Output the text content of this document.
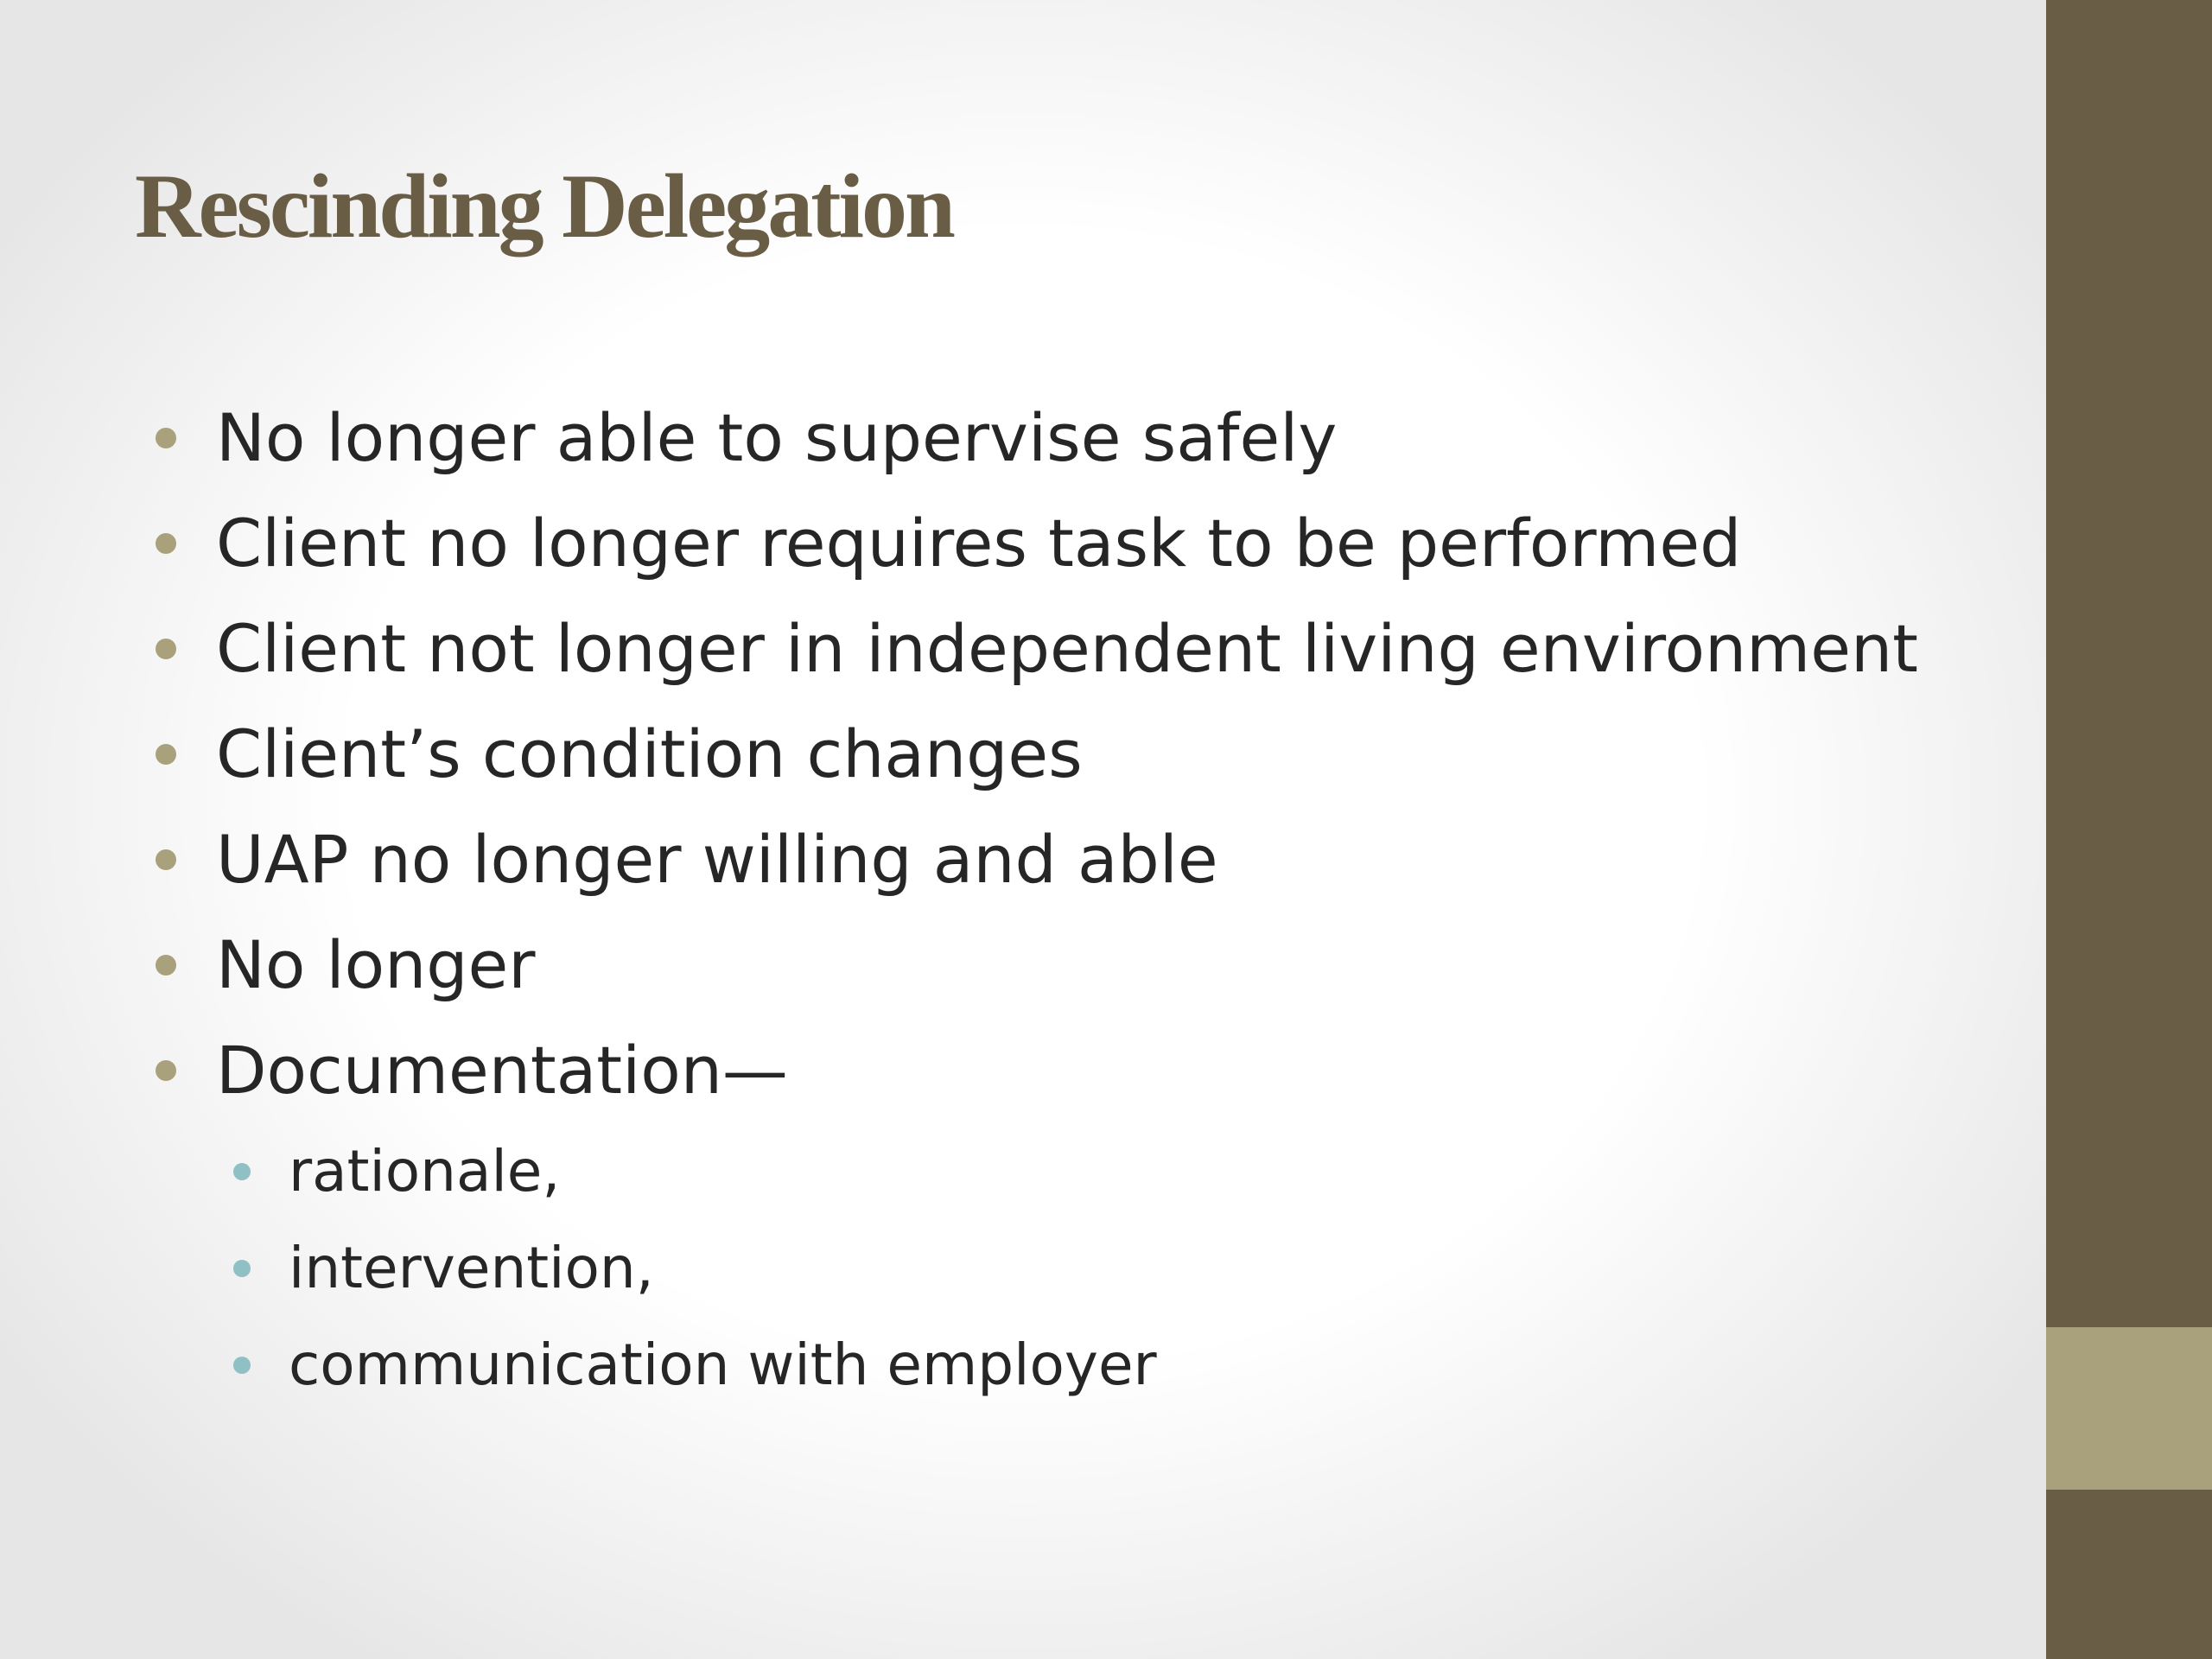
Rescinding Delegation
No longer able to supervise safely
Client no longer requires task to be performed
Client not longer in independent living environment
Client’s condition changes
UAP no longer willing and able
No longer
Documentation—
rationale,
intervention,
communication with employer
